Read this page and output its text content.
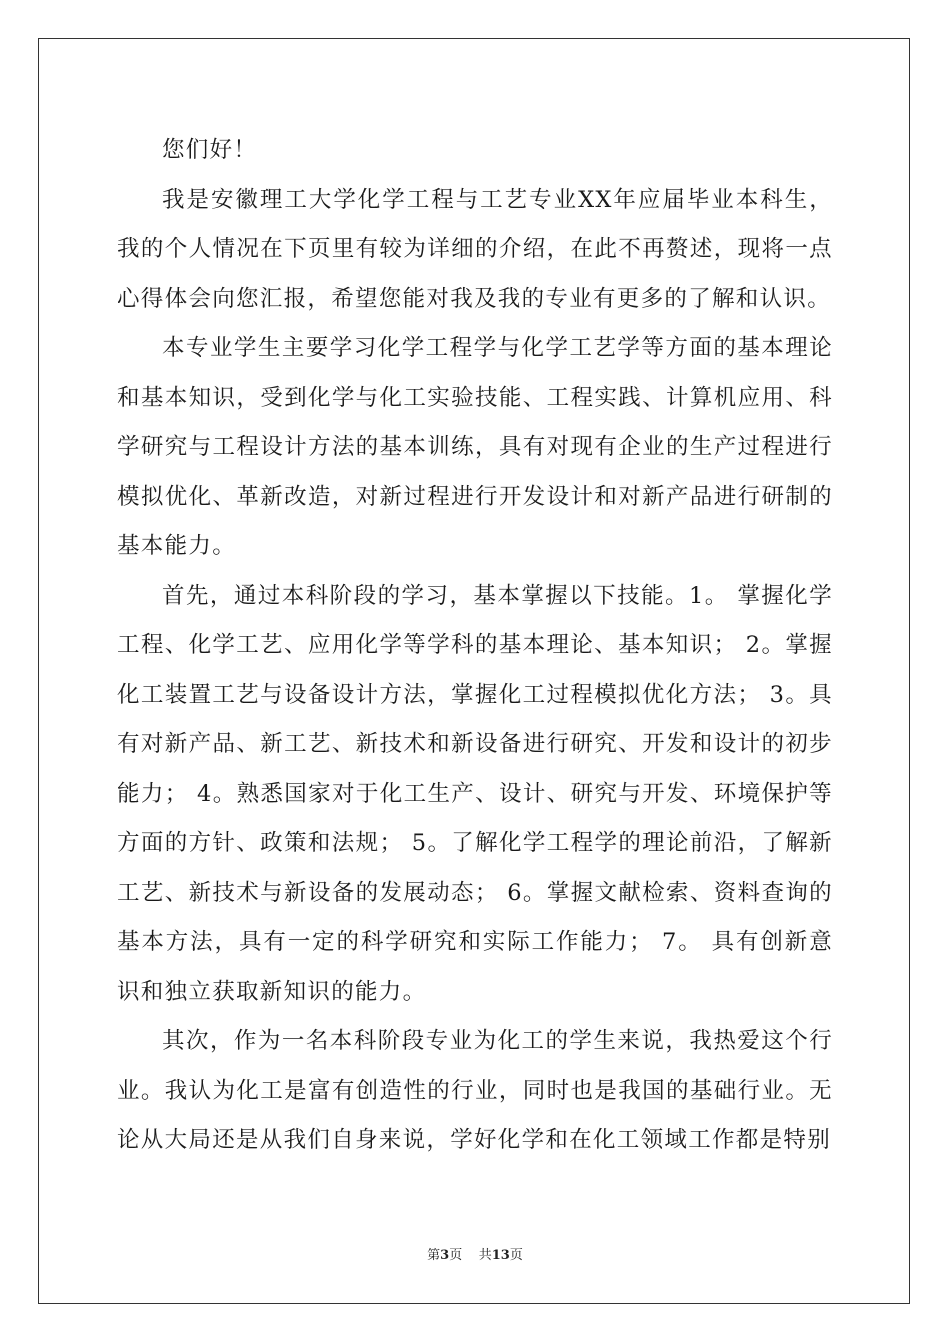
您们好！

我是安徽理工大学化学工程与工艺专业XX年应届毕业本科生，我的个人情况在下页里有较为详细的介绍，在此不再赘述，现将一点心得体会向您汇报，希望您能对我及我的专业有更多的了解和认识。

本专业学生主要学习化学工程学与化学工艺学等方面的基本理论和基本知识，受到化学与化工实验技能、工程实践、计算机应用、科学研究与工程设计方法的基本训练，具有对现有企业的生产过程进行模拟优化、革新改造，对新过程进行开发设计和对新产品进行研制的基本能力。

首先，通过本科阶段的学习，基本掌握以下技能。1。 掌握化学工程、化学工艺、应用化学等学科的基本理论、基本知识； 2。掌握化工装置工艺与设备设计方法，掌握化工过程模拟优化方法； 3。具有对新产品、新工艺、新技术和新设备进行研究、开发和设计的初步能力； 4。熟悉国家对于化工生产、设计、研究与开发、环境保护等方面的方针、政策和法规； 5。了解化学工程学的理论前沿，了解新工艺、新技术与新设备的发展动态； 6。掌握文献检索、资料查询的基本方法，具有一定的科学研究和实际工作能力； 7。 具有创新意识和独立获取新知识的能力。

其次，作为一名本科阶段专业为化工的学生来说，我热爱这个行业。我认为化工是富有创造性的行业，同时也是我国的基础行业。无论从大局还是从我们自身来说，学好化学和在化工领域工作都是特别

第3页 共13页
